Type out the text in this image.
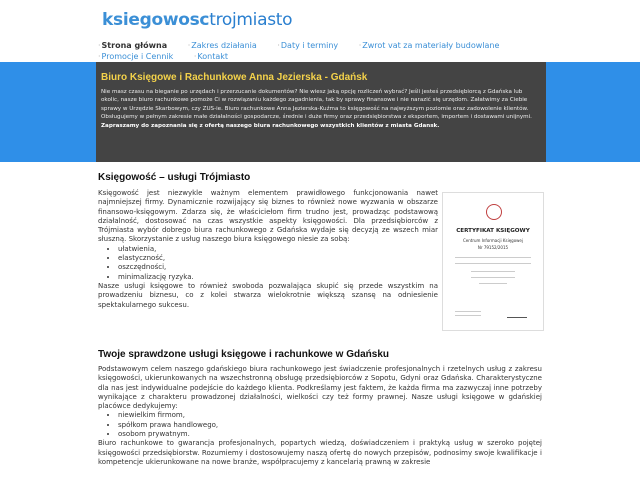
ksiegowosctrojmiasto
·Strona główna	·Zakres działania	·Daty i terminy	·Zwrot vat za materiały budowlane ·Promocje i Cennik	·Kontakt
Biuro Księgowe i Rachunkowe Anna Jezierska - Gdańsk

Nie masz czasu na bieganie po urzędach i przerzucanie dokumentów? Nie wiesz jaką opcję rozliczeń wybrać? Jeśli jesteś przedsiębiorcą z Gdańska lub okolic, nasze biuro rachunkowe pomoże Ci w rozwiązaniu każdego zagadnienia, tak by sprawy finansowe i nie narazić się urzędom. Załatwimy za Ciebie sprawy w Urzędzie Skarbowym, czy ZUS-ie. Biuro rachunkowe Anna Jezierska-Kuźma to księgowość na najwyższym poziomie oraz zadowolenie klientów. Obsługujemy w pełnym zakresie małe działalności gospodarcze, średnie i duże firmy oraz przedsiębiorstwa z eksportem, importem i dostawami unijnymi.
Zapraszamy do zapoznania się z ofertą naszego biura rachunkowego wszystkich klientów z miasta Gdansk.

Księgowość – usługi Trójmiasto
Księgowość jest niezwykle ważnym elementem prawidłowego funkcjonowania nawet najmniejszej firmy. Dynamicznie rozwijający się biznes to również nowe wyzwania w obszarze finansowo-księgowym. Zdarza się, że właściciełom firm trudno jest, prowadząc podstawową działalność, dostosować na czas wszystkie aspekty księgowości. Dla przedsiębiorców z Trójmiasta wybór dobrego biura rachunkowego z Gdańska wydaje się decyzją ze wszech miar słuszną. Skorzystanie z usług naszego biura księgowego niesie za sobą:
• ułatwienia,
• elastyczność,
• oszczędności,
• minimalizację ryzyka.
Nasze usługi księgowe to również swoboda pozwalająca skupić się przede wszystkim na prowadzeniu biznesu, co z kolei stwarza wielokrotnie większą szansę na odniesienie spektakularnego sukcesu.
CERTYFIKAT KSIĘGOWY
Centrum Informacji Księgowej
Nr 79152/2015
Twoje sprawdzone usługi księgowe i rachunkowe w Gdańsku
Podstawowym celem naszego gdańskiego biura rachunkowego jest świadczenie profesjonalnych i rzetelnych usług z zakresu księgowości, ukierunkowanych na wszechstronną obsługę przedsiębiorców z Sopotu, Gdyni oraz Gdańska. Charakterystyczne dla nas jest indywidualne podejście do każdego klienta. Podkreślamy jest faktem, że każda firma ma zazwyczaj inne potrzeby wynikające z charakteru prowadzonej działalności, wielkości czy też formy prawnej. Nasze usługi księgowe w gdańskiej placówce dedykujemy:
• niewielkim firmom,
• spółkom prawa handlowego,
• osobom prywatnym.
Biuro rachunkowe to gwarancja profesjonalnych, popartych wiedzą, doświadczeniem i praktyką usług w szeroko pojętej księgowości przedsiębiorstw. Rozumiemy i dostosowujemy naszą ofertę do nowych przepisów, podnosimy swoje kwalifikacje i kompetencje ukierunkowane na nowe branże, współpracujemy z kancelarią prawną w zakresie
